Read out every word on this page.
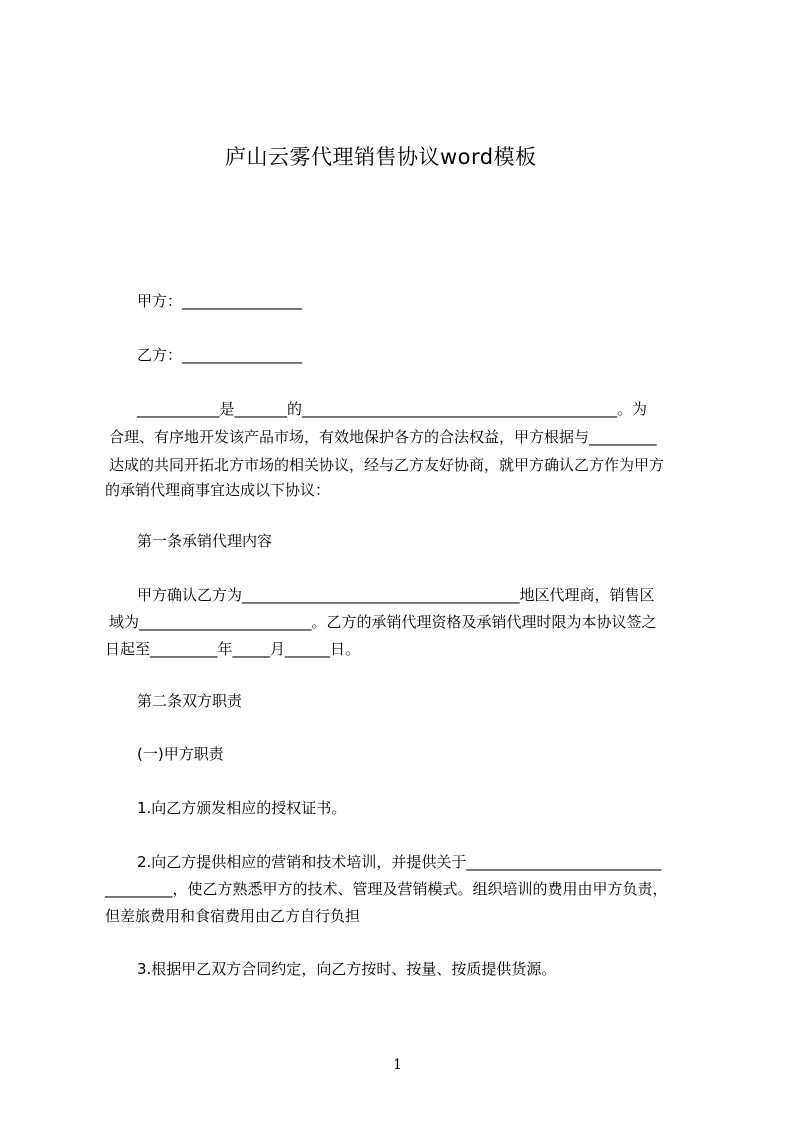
庐山云雾代理销售协议word模板
甲方：________________
乙方：________________
___________是_______的__________________________________________。为
合理、有序地开发该产品市场，有效地保护各方的合法权益，甲方根据与_________
达成的共同开拓北方市场的相关协议，经与乙方友好协商，就甲方确认乙方作为甲方
的承销代理商事宜达成以下协议：
第一条承销代理内容
甲方确认乙方为_____________________________________地区代理商，销售区
域为_______________________。乙方的承销代理资格及承销代理时限为本协议签之
日起至_________年_____月______日。
第二条双方职责
(一)甲方职责
1.向乙方颁发相应的授权证书。
2.向乙方提供相应的营销和技术培训，并提供关于__________________________
_________，使乙方熟悉甲方的技术、管理及营销模式。组织培训的费用由甲方负责，
但差旅费用和食宿费用由乙方自行负担
3.根据甲乙双方合同约定，向乙方按时、按量、按质提供货源。
1
